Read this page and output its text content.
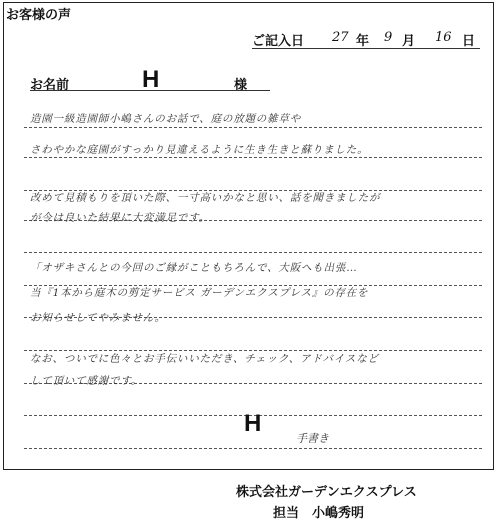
お客様の声
ご記入日 27 年 9 月 16 日
お名前	H	様
造園一級造園師小嶋さんのお話で、庭の放題の雑草や
さわやかな庭園がすっかり見違えるように生き生きと蘇りました。
改めて見積もりを頂いた際、一寸高いかなと思い、話を聞きましたが
が今は良いた結果に大変満足です。
「オザキさんとの今回のご縁がこともちろんで、大阪へも出張…
当『1本から庭木の剪定サービス ガーデンエクスプレス』の存在を
お知らせしてやみません。
なお、ついでに色々とお手伝いいただき、チェック、アドバイスなど
して頂いて感謝です。
H
手書き
株式会社ガーデンエクスプレス
担当　小嶋秀明
